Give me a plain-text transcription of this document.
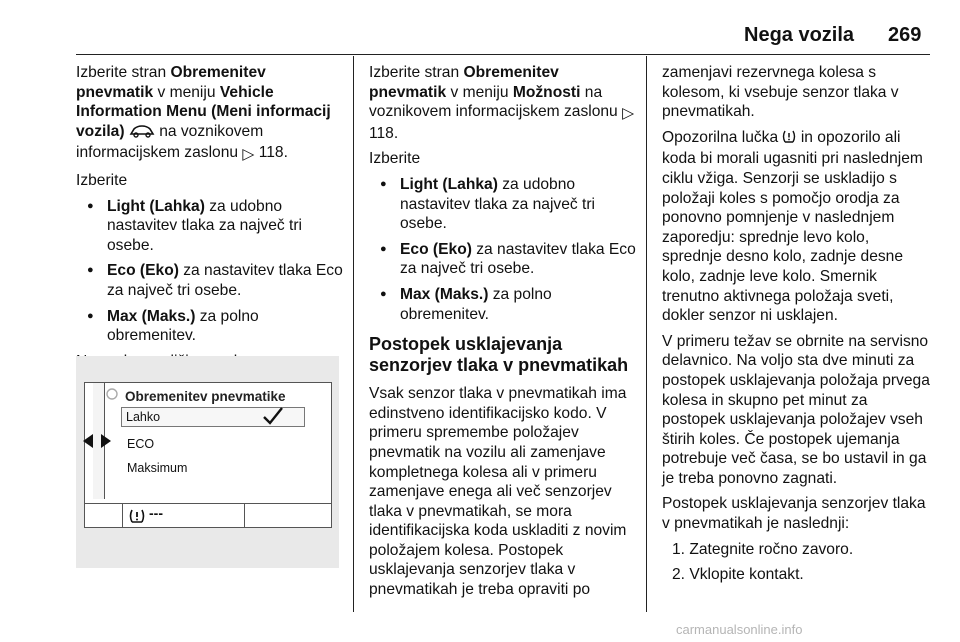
Nega vozila 269

Izberite stran Obremenitev pnevmatik v meniju Vehicle Information Menu (Meni informacij vozila)  na voznikovem informacijskem zaslonu ▷ 118.

Izberite

● Light (Lahka) za udobno nastavitev tlaka za največ tri osebe.
● Eco (Eko) za nastavitev tlaka Eco za največ tri osebe.
● Max (Maks.) za polno obremenitev.

Obremenitev pnevmatike
Lahko
ECO
Maksimum
---

Izberite stran Obremenitev pnevmatik v meniju Možnosti na voznikovem informacijskem zaslonu ▷ 118.

Izberite

● Light (Lahka) za udobno nastavitev tlaka za največ tri osebe.
● Eco (Eko) za nastavitev tlaka Eco za največ tri osebe.
● Max (Maks.) za polno obremenitev.
Postopek usklajevanja senzorjev tlaka v pnevmatikah

Vsak senzor tlaka v pnevmatikah ima edinstveno identifikacijsko kodo. V primeru spremembe položajev pnevmatik na vozilu ali zamenjave kompletnega kolesa ali v primeru zamenjave enega ali več senzorjev tlaka v pnevmatikah, se mora identifikacijska koda uskladiti z novim položajem kolesa. Postopek usklajevanja senzorjev tlaka v pnevmatikah je treba opraviti po

zamenjavi rezervnega kolesa s kolesom, ki vsebuje senzor tlaka v pnevmatikah.

Opozorilna lučka  in opozorilo ali koda bi morali ugasniti pri naslednjem ciklu vžiga. Senzorji se uskladijo s položaji koles s pomočjo orodja za ponovno pomnjenje v naslednjem zaporedju: sprednje levo kolo, sprednje desno kolo, zadnje desne kolo, zadnje leve kolo. Smernik trenutno aktivnega položaja sveti, dokler senzor ni usklajen.

V primeru težav se obrnite na servisno delavnico. Na voljo sta dve minuti za postopek usklajevanja položaja prvega kolesa in skupno pet minut za postopek usklajevanja položajev vseh štirih koles. Če postopek ujemanja potrebuje več časa, se bo ustavil in ga je treba ponovno zagnati.

Postopek usklajevanja senzorjev tlaka v pnevmatikah je naslednji:

1. Zategnite ročno zavoro.
2. Vklopite kontakt.
carmanualsonline.info
